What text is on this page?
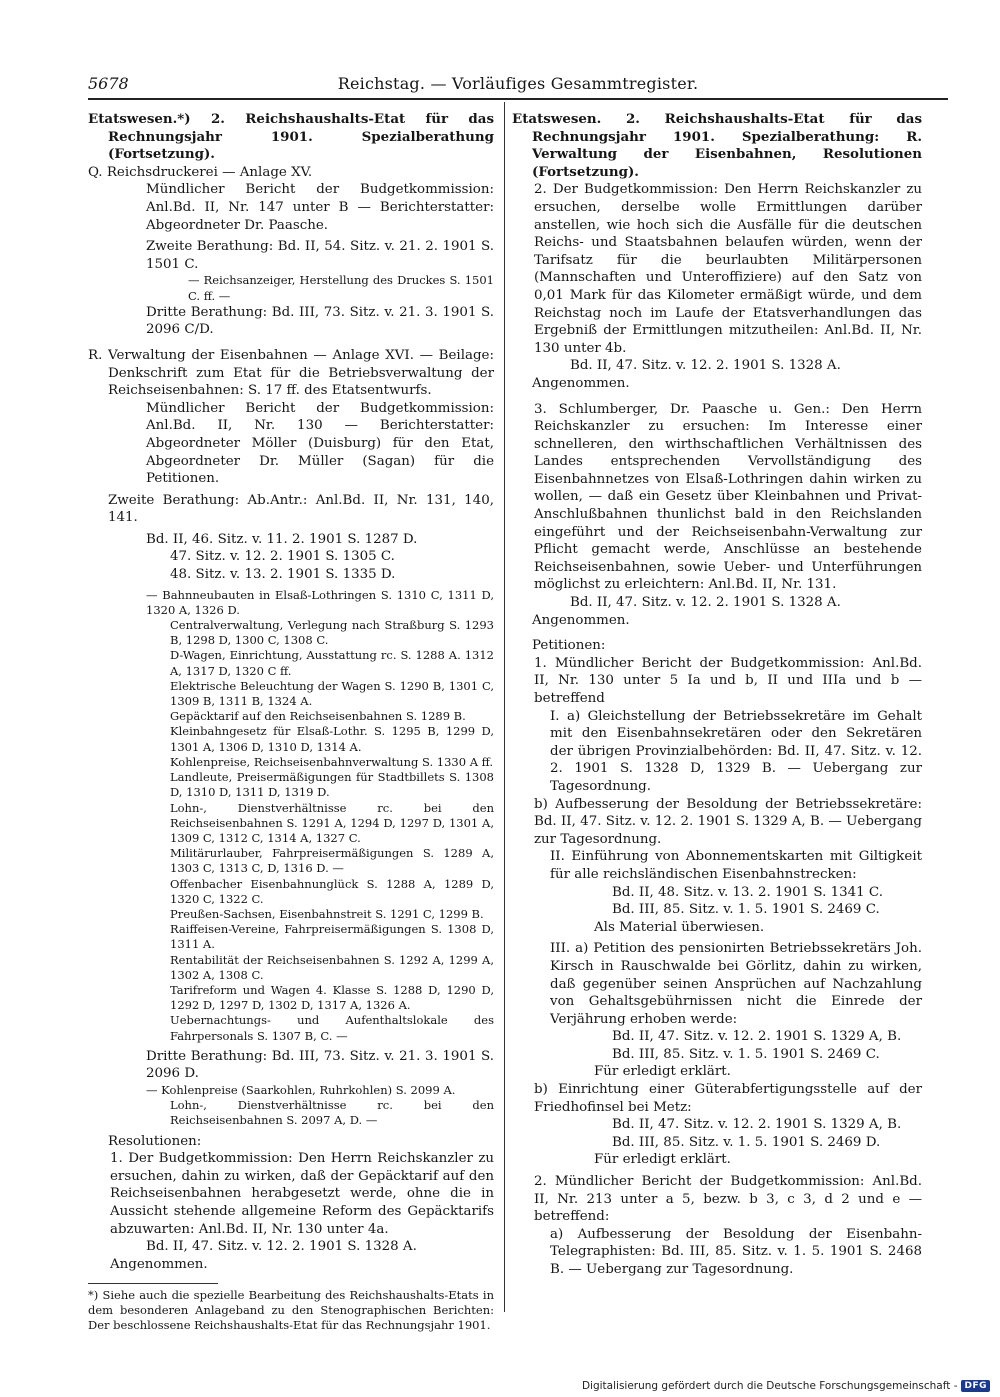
5678	Reichstag. — Vorläufiges Gesammtregister.
Etatswesen.*) 2. Reichshaushalts-Etat für das Rechnungsjahr 1901. Spezialberathung (Fortsetzung).
Q. Reichsdruckerei — Anlage XV.
Mündlicher Bericht der Budgetkommission: Anl.Bd. II, Nr. 147 unter B — Berichterstatter: Abgeordneter Dr. Paasche.
Zweite Berathung: Bd. II, 54. Sitz. v. 21. 2. 1901 S. 1501 C.
— Reichsanzeiger, Herstellung des Druckes S. 1501 C. ff. —
Dritte Berathung: Bd. III, 73. Sitz. v. 21. 3. 1901 S. 2096 C/D.
R. Verwaltung der Eisenbahnen — Anlage XVI. — Beilage: Denkschrift zum Etat für die Betriebsverwaltung der Reichseisenbahnen: S. 17 ff. des Etatsentwurfs.
Mündlicher Bericht der Budgetkommission: Anl.Bd. II, Nr. 130 — Berichterstatter: Abgeordneter Möller (Duisburg) für den Etat, Abgeordneter Dr. Müller (Sagan) für die Petitionen.
Zweite Berathung: Ab.Antr.: Anl.Bd. II, Nr. 131, 140, 141.
Bd. II, 46. Sitz. v. 11. 2. 1901 S. 1287 D.
47. Sitz. v. 12. 2. 1901 S. 1305 C.
48. Sitz. v. 13. 2. 1901 S. 1335 D.
— Bahnneubauten in Elsaß-Lothringen S. 1310 C, 1311 D, 1320 A, 1326 D.
Centralverwaltung, Verlegung nach Straßburg S. 1293 B, 1298 D, 1300 C, 1308 C.
D-Wagen, Einrichtung, Ausstattung rc. S. 1288 A. 1312 A, 1317 D, 1320 C ff.
Elektrische Beleuchtung der Wagen S. 1290 B, 1301 C, 1309 B, 1311 B, 1324 A.
Gepäcktarif auf den Reichseisenbahnen S. 1289 B.
Kleinbahngesetz für Elsaß-Lothr. S. 1295 B, 1299 D, 1301 A, 1306 D, 1310 D, 1314 A.
Kohlenpreise, Reichseisenbahnverwaltung S. 1330 A ff.
Landleute, Preisermäßigungen für Stadtbillets S. 1308 D, 1310 D, 1311 D, 1319 D.
Lohn-, Dienstverhältnisse rc. bei den Reichseisenbahnen S. 1291 A, 1294 D, 1297 D, 1301 A, 1309 C, 1312 C, 1314 A, 1327 C.
Militärurlauber, Fahrpreisermäßigungen S. 1289 A, 1303 C, 1313 C, D, 1316 D. —
Offenbacher Eisenbahnunglück S. 1288 A, 1289 D, 1320 C, 1322 C.
Preußen-Sachsen, Eisenbahnstreit S. 1291 C, 1299 B.
Raiffeisen-Vereine, Fahrpreisermäßigungen S. 1308 D, 1311 A.
Rentabilität der Reichseisenbahnen S. 1292 A, 1299 A, 1302 A, 1308 C.
Tarifreform und Wagen 4. Klasse S. 1288 D, 1290 D, 1292 D, 1297 D, 1302 D, 1317 A, 1326 A.
Uebernachtungs- und Aufenthaltslokale des Fahrpersonals S. 1307 B, C. —
Dritte Berathung: Bd. III, 73. Sitz. v. 21. 3. 1901 S. 2096 D.
— Kohlenpreise (Saarkohlen, Ruhrkohlen) S. 2099 A.
Lohn-, Dienstverhältnisse rc. bei den Reichseisenbahnen S. 2097 A, D. —
Resolutionen:
1. Der Budgetkommission: Den Herrn Reichskanzler zu ersuchen, dahin zu wirken, daß der Gepäcktarif auf den Reichseisenbahnen herabgesetzt werde, ohne die in Aussicht stehende allgemeine Reform des Gepäcktarifs abzuwarten: Anl.Bd. II, Nr. 130 unter 4a.
Bd. II, 47. Sitz. v. 12. 2. 1901 S. 1328 A.
Angenommen.
*) Siehe auch die spezielle Bearbeitung des Reichshaushalts-Etats in dem besonderen Anlageband zu den Stenographischen Berichten: Der beschlossene Reichshaushalts-Etat für das Rechnungsjahr 1901.
Etatswesen. 2. Reichshaushalts-Etat für das Rechnungsjahr 1901. Spezialberathung: R. Verwaltung der Eisenbahnen, Resolutionen (Fortsetzung).
2. Der Budgetkommission: Den Herrn Reichskanzler zu ersuchen, derselbe wolle Ermittlungen darüber anstellen, wie hoch sich die Ausfälle für die deutschen Reichs- und Staatsbahnen belaufen würden, wenn der Tarifsatz für die beurlaubten Militärpersonen (Mannschaften und Unteroffiziere) auf den Satz von 0,01 Mark für das Kilometer ermäßigt würde, und dem Reichstag noch im Laufe der Etatsverhandlungen das Ergebniß der Ermittlungen mitzutheilen: Anl.Bd. II, Nr. 130 unter 4b.
Bd. II, 47. Sitz. v. 12. 2. 1901 S. 1328 A.
Angenommen.
3. Schlumberger, Dr. Paasche u. Gen.: Den Herrn Reichskanzler zu ersuchen: Im Interesse einer schnelleren, den wirthschaftlichen Verhältnissen des Landes entsprechenden Vervollständigung des Eisenbahnnetzes von Elsaß-Lothringen dahin wirken zu wollen, — daß ein Gesetz über Kleinbahnen und Privat-Anschlußbahnen thunlichst bald in den Reichslanden eingeführt und der Reichseisenbahn-Verwaltung zur Pflicht gemacht werde, Anschlüsse an bestehende Reichseisenbahnen, sowie Ueber- und Unterführungen möglichst zu erleichtern: Anl.Bd. II, Nr. 131.
Bd. II, 47. Sitz. v. 12. 2. 1901 S. 1328 A.
Angenommen.
Petitionen:
1. Mündlicher Bericht der Budgetkommission: Anl.Bd. II, Nr. 130 unter 5 Ia und b, II und IIIa und b — betreffend
I. a) Gleichstellung der Betriebssekretäre im Gehalt mit den Eisenbahnsekretären oder den Sekretären der übrigen Provinzialbehörden: Bd. II, 47. Sitz. v. 12. 2. 1901 S. 1328 D, 1329 B. — Uebergang zur Tagesordnung.
b) Aufbesserung der Besoldung der Betriebssekretäre: Bd. II, 47. Sitz. v. 12. 2. 1901 S. 1329 A, B. — Uebergang zur Tagesordnung.
II. Einführung von Abonnementskarten mit Giltigkeit für alle reichsländischen Eisenbahnstrecken:
Bd. II, 48. Sitz. v. 13. 2. 1901 S. 1341 C.
Bd. III, 85. Sitz. v. 1. 5. 1901 S. 2469 C.
Als Material überwiesen.
III. a) Petition des pensionirten Betriebssekretärs Joh. Kirsch in Rauschwalde bei Görlitz, dahin zu wirken, daß gegenüber seinen Ansprüchen auf Nachzahlung von Gehaltsgebührnissen nicht die Einrede der Verjährung erhoben werde:
Bd. II, 47. Sitz. v. 12. 2. 1901 S. 1329 A, B.
Bd. III, 85. Sitz. v. 1. 5. 1901 S. 2469 C.
Für erledigt erklärt.
b) Einrichtung einer Güterabfertigungsstelle auf der Friedhofinsel bei Metz:
Bd. II, 47. Sitz. v. 12. 2. 1901 S. 1329 A, B.
Bd. III, 85. Sitz. v. 1. 5. 1901 S. 2469 D.
Für erledigt erklärt.
2. Mündlicher Bericht der Budgetkommission: Anl.Bd. II, Nr. 213 unter a 5, bezw. b 3, c 3, d 2 und e — betreffend:
a) Aufbesserung der Besoldung der Eisenbahn-Telegraphisten: Bd. III, 85. Sitz. v. 1. 5. 1901 S. 2468 B. — Uebergang zur Tagesordnung.
Digitalisierung gefördert durch die Deutsche Forschungsgemeinschaft - DFG
